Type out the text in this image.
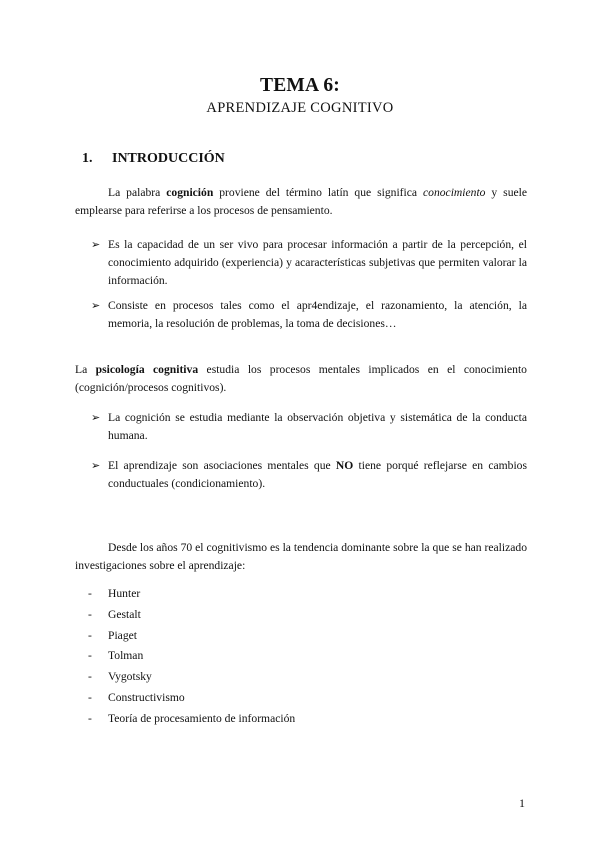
TEMA 6:
APRENDIZAJE COGNITIVO
1. INTRODUCCIÓN
La palabra cognición proviene del término latín que significa conocimiento y suele emplearse para referirse a los procesos de pensamiento.
➢ Es la capacidad de un ser vivo para procesar información a partir de la percepción, el conocimiento adquirido (experiencia) y acaracterísticas subjetivas que permiten valorar la información.
➢ Consiste en procesos tales como el apr4endizaje, el razonamiento, la atención, la memoria, la resolución de problemas, la toma de decisiones…
La psicología cognitiva estudia los procesos mentales implicados en el conocimiento (cognición/procesos cognitivos).
➢ La cognición se estudia mediante la observación objetiva y sistemática de la conducta humana.
➢ El aprendizaje son asociaciones mentales que NO tiene porqué reflejarse en cambios conductuales (condicionamiento).
Desde los años 70 el cognitivismo es la tendencia dominante sobre la que se han realizado investigaciones sobre el aprendizaje:
- Hunter
- Gestalt
- Piaget
- Tolman
- Vygotsky
- Constructivismo
- Teoría de procesamiento de información
1
